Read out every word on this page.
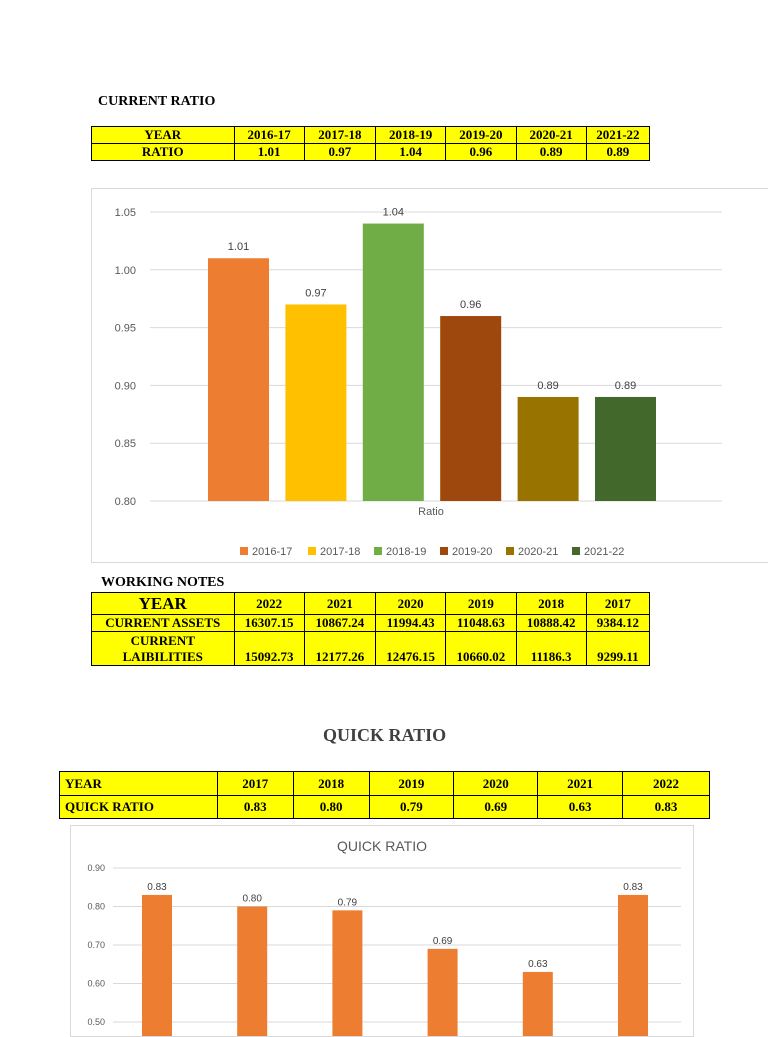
CURRENT RATIO
YEAR	2016-17	2017-18	2018-19	2019-20	2020-21	2021-22
RATIO	1.01	0.97	1.04	0.96	0.89	0.89
0.80
0.85
0.90
0.95
1.00
1.05
1.01
0.97
1.04
0.96
0.89	0.89
Ratio
2016-17	2017-18 2018-19 2019-20 2020-21 2021-22
WORKING NOTES
YEAR	2022	2021	2020	2019	2018	2017
CURRENT ASSETS	16307.15	10867.24	11994.43	11048.63	10888.42	9384.12
CURRENT
LAIBILITIES	15092.73	12177.26	12476.15	10660.02	11186.3	9299.11
QUICK RATIO
YEAR	2017	2018	2019	2020	2021	2022
QUICK RATIO	0.83	0.80	0.79	0.69	0.63	0.83
QUICK RATIO
0.50
0.60
0.70
0.80
0.90
0.83
0.80	0.79
0.69
0.63
0.83
